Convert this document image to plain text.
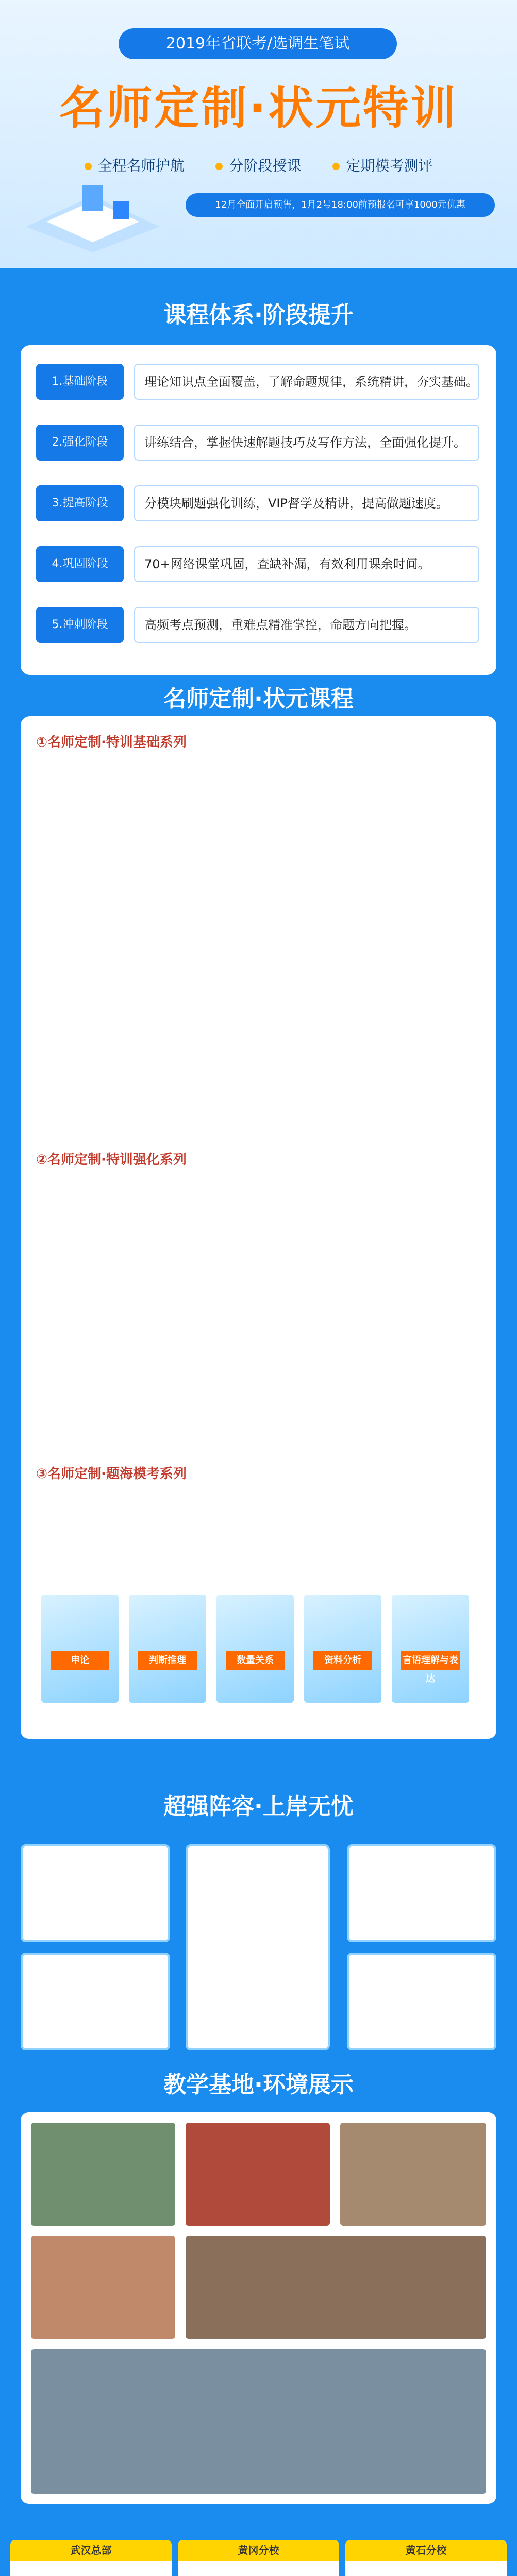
2019年省联考/选调生笔试
名师定制·状元特训
全程名师护航	分阶段授课	定期模考测评
12月全面开启预售，1月2号18:00前预报名可享1000元优惠
课程体系·阶段提升
1.基础阶段	理论知识点全面覆盖，了解命题规律，系统精讲，夯实基础。
2.强化阶段	讲练结合，掌握快速解题技巧及写作方法，全面强化提升。
3.提高阶段	分模块刷题强化训练，VIP督学及精讲，提高做题速度。
4.巩固阶段	70+网络课堂巩固，查缺补漏，有效利用课余时间。
5.冲刺阶段	高频考点预测，重难点精准掌控，命题方向把握。
名师定制·状元课程
①名师定制·特训基础系列
②名师定制·特训强化系列
③名师定制·题海模考系列
学员专用·题海教材
申论	判断推理	数量关系	资料分析	言语理解与表达
超强阵容·上岸无忧
教学基地·环境展示
武汉总部	黄冈分校	黄石分校
